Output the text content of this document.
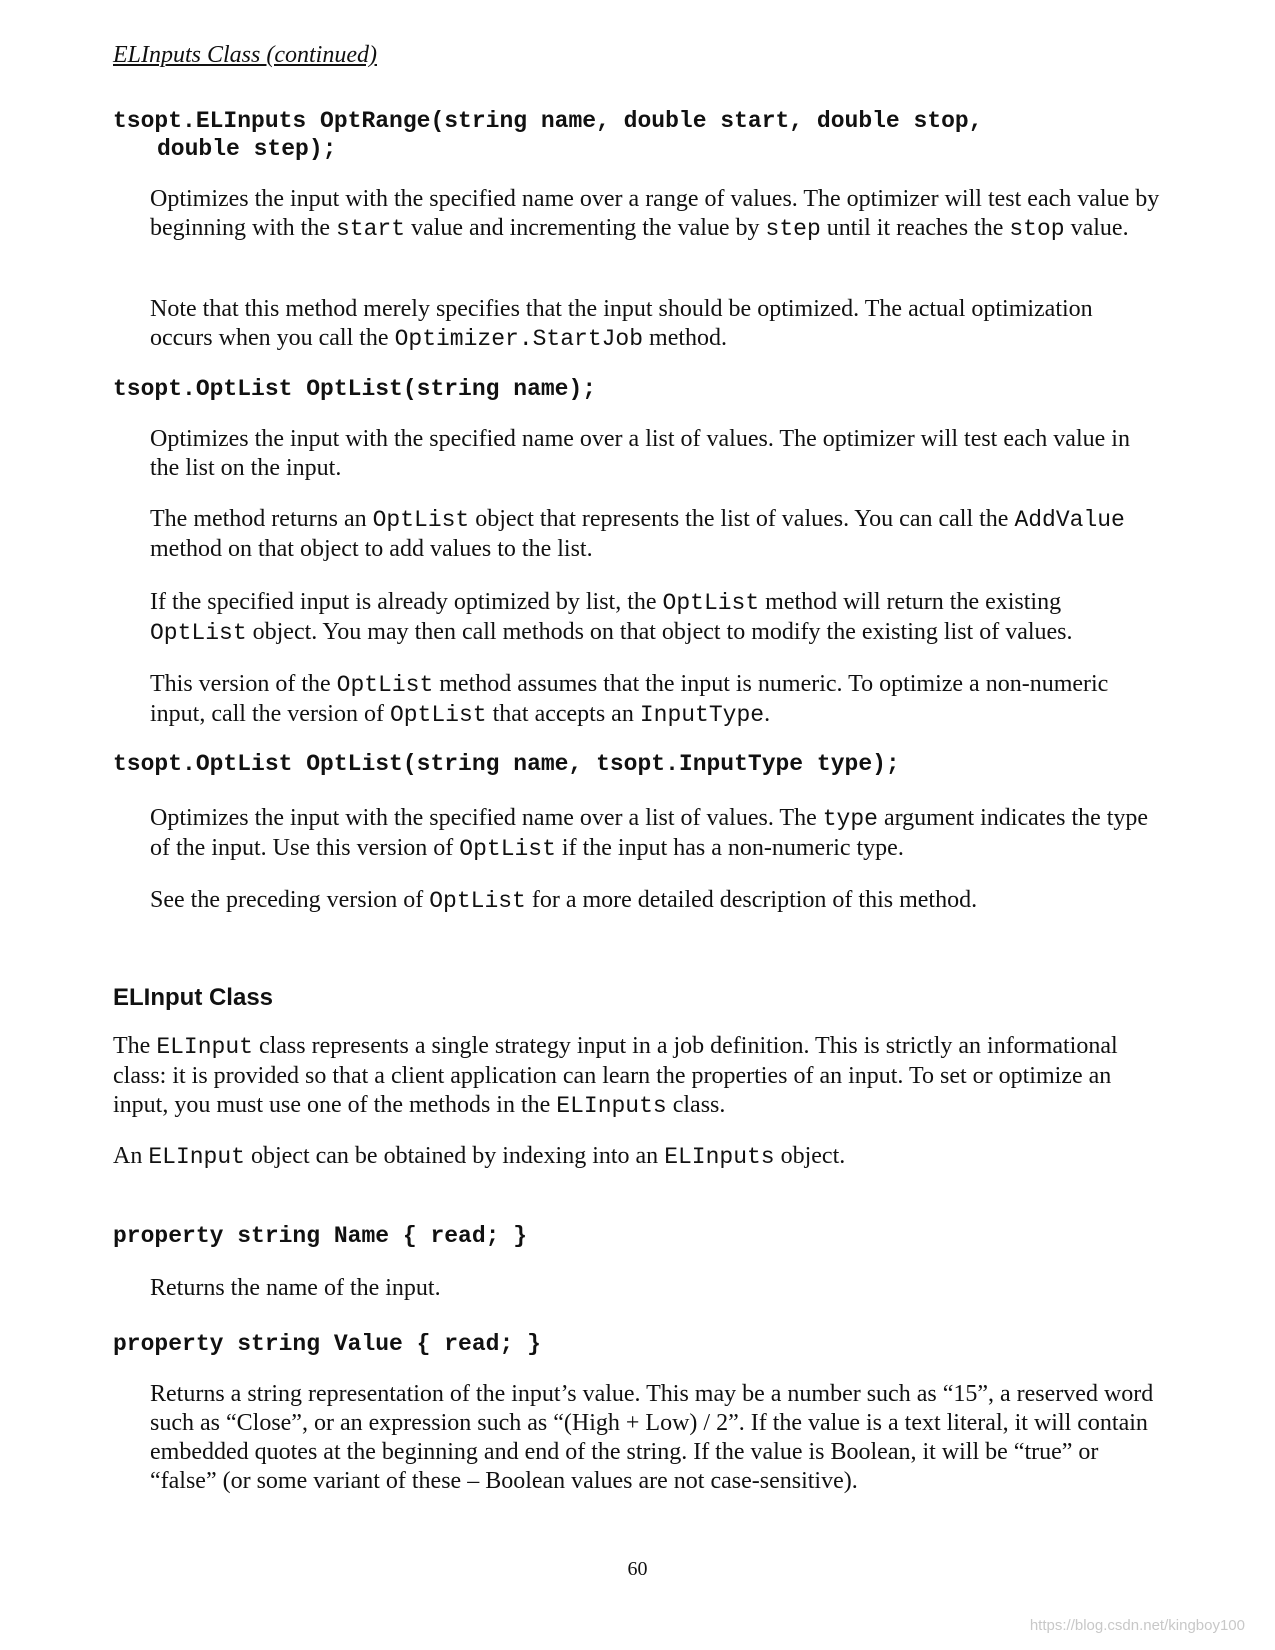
ELInputs Class (continued)
tsopt.ELInputs OptRange(string name, double start, double stop,
double step);
Optimizes the input with the specified name over a range of values. The optimizer will test each value by beginning with the start value and incrementing the value by step until it reaches the stop value.
Note that this method merely specifies that the input should be optimized. The actual optimization occurs when you call the Optimizer.StartJob method.
tsopt.OptList OptList(string name);
Optimizes the input with the specified name over a list of values. The optimizer will test each value in the list on the input.
The method returns an OptList object that represents the list of values. You can call the AddValue method on that object to add values to the list.
If the specified input is already optimized by list, the OptList method will return the existing OptList object. You may then call methods on that object to modify the existing list of values.
This version of the OptList method assumes that the input is numeric. To optimize a non-numeric input, call the version of OptList that accepts an InputType.
tsopt.OptList OptList(string name, tsopt.InputType type);
Optimizes the input with the specified name over a list of values. The type argument indicates the type of the input. Use this version of OptList if the input has a non-numeric type.
See the preceding version of OptList for a more detailed description of this method.
ELInput Class
The ELInput class represents a single strategy input in a job definition. This is strictly an informational class: it is provided so that a client application can learn the properties of an input. To set or optimize an input, you must use one of the methods in the ELInputs class.
An ELInput object can be obtained by indexing into an ELInputs object.
property string Name { read; }
Returns the name of the input.
property string Value { read; }
Returns a string representation of the input’s value. This may be a number such as “15”, a reserved word such as “Close”, or an expression such as “(High + Low) / 2”. If the value is a text literal, it will contain embedded quotes at the beginning and end of the string. If the value is Boolean, it will be “true” or “false” (or some variant of these – Boolean values are not case-sensitive).
60
https://blog.csdn.net/kingboy100
